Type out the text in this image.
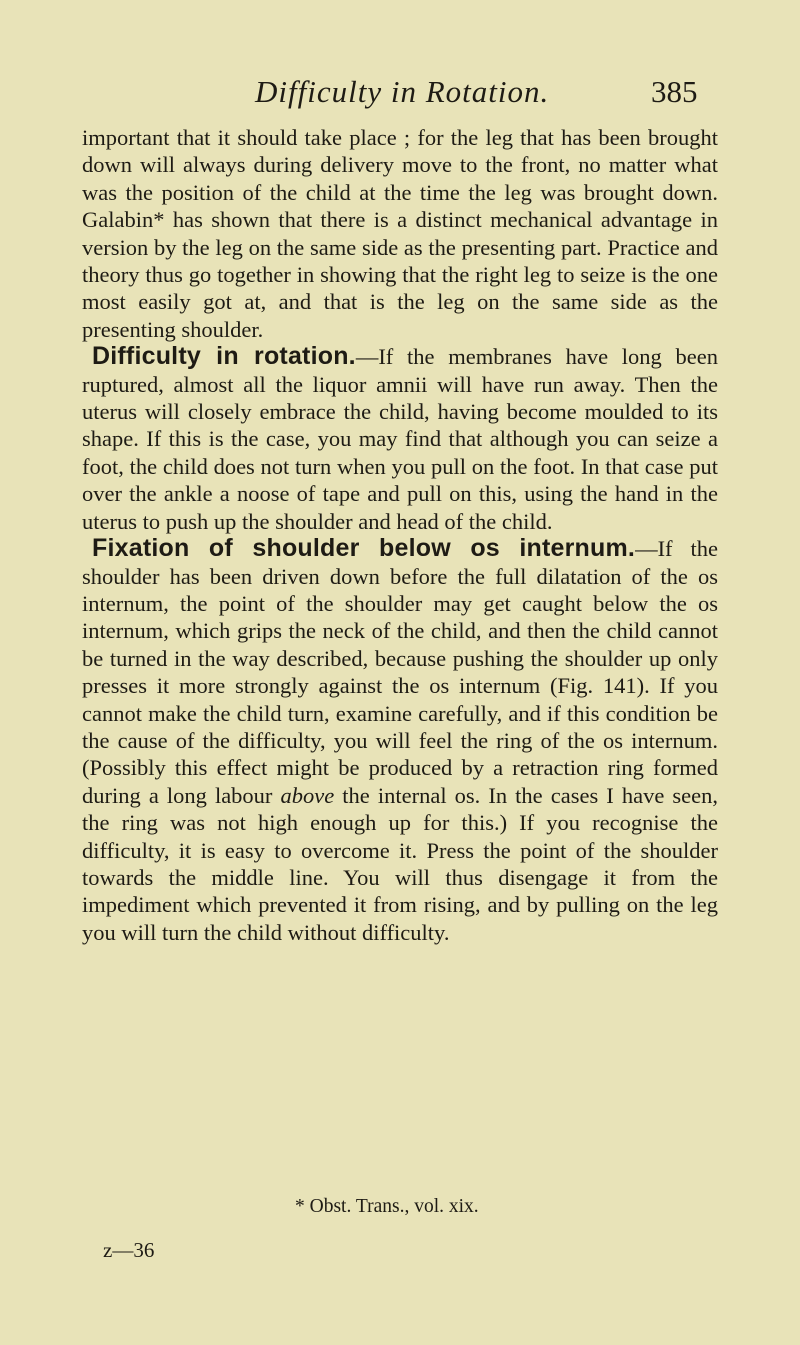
Difficulty in Rotation.	385

important that it should take place ; for the leg that has been brought down will always during delivery move to the front, no matter what was the position of the child at the time the leg was brought down. Galabin* has shown that there is a distinct mechanical advantage in version by the leg on the same side as the presenting part. Practice and theory thus go together in showing that the right leg to seize is the one most easily got at, and that is the leg on the same side as the presenting shoulder.

Difficulty in rotation.—If the membranes have long been ruptured, almost all the liquor amnii will have run away. Then the uterus will closely embrace the child, having become moulded to its shape. If this is the case, you may find that although you can seize a foot, the child does not turn when you pull on the foot. In that case put over the ankle a noose of tape and pull on this, using the hand in the uterus to push up the shoulder and head of the child.

Fixation of shoulder below os internum.—If the shoulder has been driven down before the full dilatation of the os internum, the point of the shoulder may get caught below the os internum, which grips the neck of the child, and then the child cannot be turned in the way described, because pushing the shoulder up only presses it more strongly against the os internum (Fig. 141). If you cannot make the child turn, examine carefully, and if this condition be the cause of the difficulty, you will feel the ring of the os internum. (Possibly this effect might be produced by a retraction ring formed during a long labour above the internal os. In the cases I have seen, the ring was not high enough up for this.) If you recognise the difficulty, it is easy to overcome it. Press the point of the shoulder towards the middle line. You will thus disengage it from the impediment which prevented it from rising, and by pulling on the leg you will turn the child without difficulty.

* Obst. Trans., vol. xix.
z—36
